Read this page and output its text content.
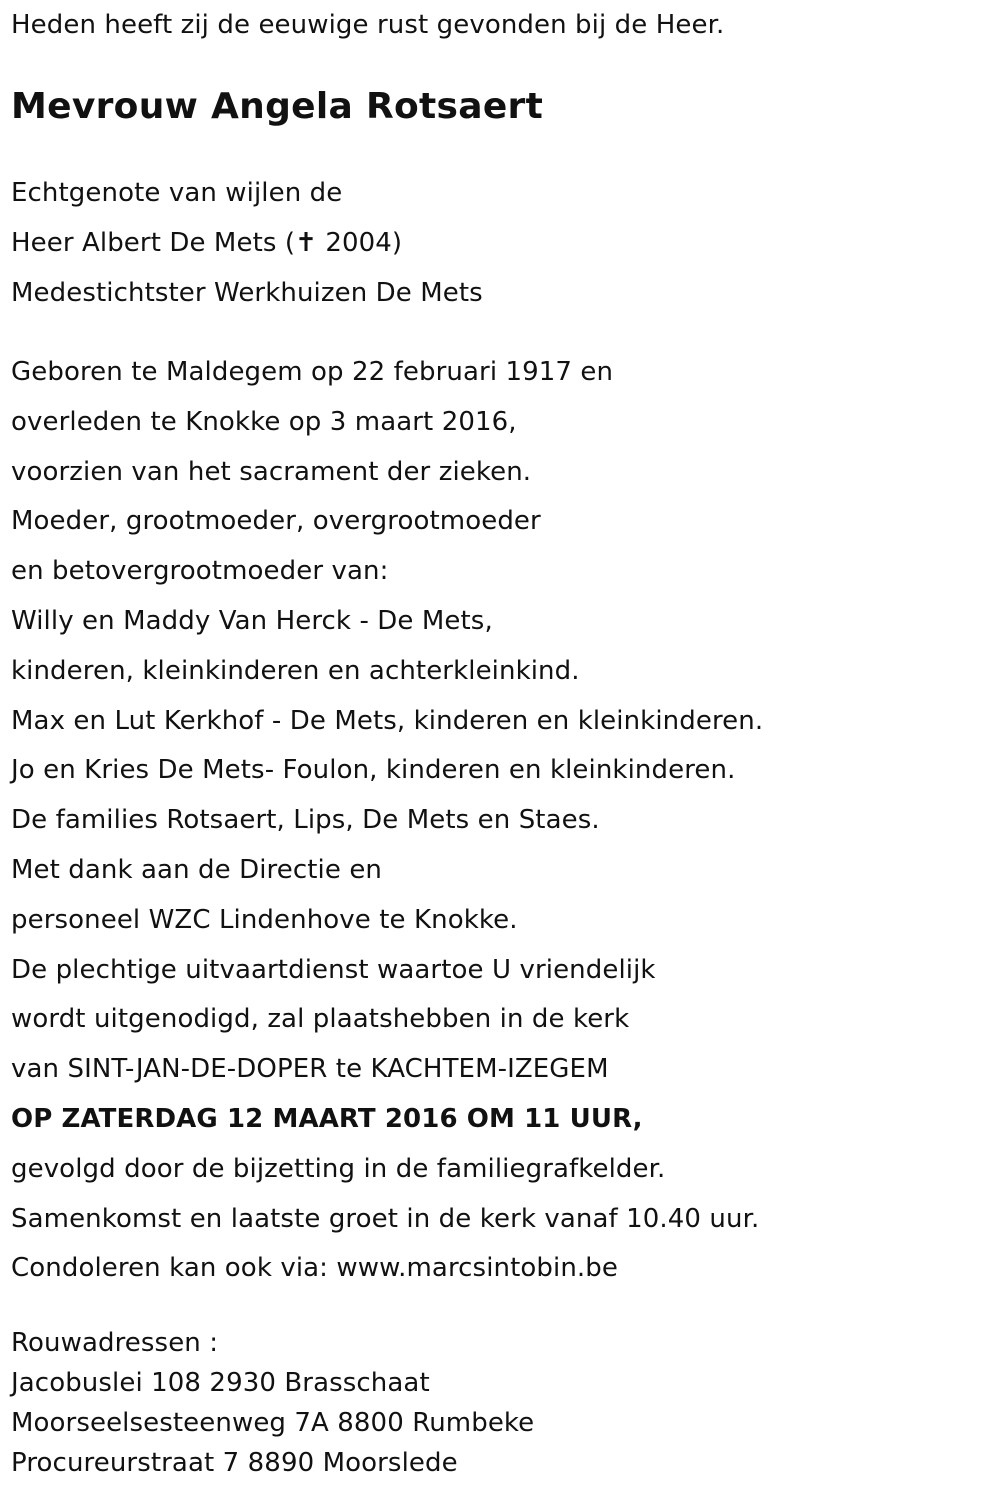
Heden heeft zij de eeuwige rust gevonden bij de Heer.
Mevrouw Angela Rotsaert
Echtgenote van wijlen de
Heer Albert De Mets (✝ 2004)
Medestichtster Werkhuizen De Mets
Geboren te Maldegem op 22 februari 1917 en
overleden te Knokke op 3 maart 2016,
voorzien van het sacrament der zieken.
Moeder, grootmoeder, overgrootmoeder
en betovergrootmoeder van:
Willy en Maddy Van Herck - De Mets,
kinderen, kleinkinderen en achterkleinkind.
Max en Lut Kerkhof - De Mets, kinderen en kleinkinderen.
Jo en Kries De Mets- Foulon, kinderen en kleinkinderen.
De families Rotsaert, Lips, De Mets en Staes.
Met dank aan de Directie en
personeel WZC Lindenhove te Knokke.
De plechtige uitvaartdienst waartoe U vriendelijk
wordt uitgenodigd, zal plaatshebben in de kerk
van SINT-JAN-DE-DOPER te KACHTEM-IZEGEM
OP ZATERDAG 12 MAART 2016 OM 11 UUR,
gevolgd door de bijzetting in de familiegrafkelder.
Samenkomst en laatste groet in de kerk vanaf 10.40 uur.
Condoleren kan ook via: www.marcsintobin.be
Rouwadressen :
Jacobuslei 108 2930 Brasschaat
Moorseelsesteenweg 7A 8800 Rumbeke
Procureurstraat 7 8890 Moorslede
